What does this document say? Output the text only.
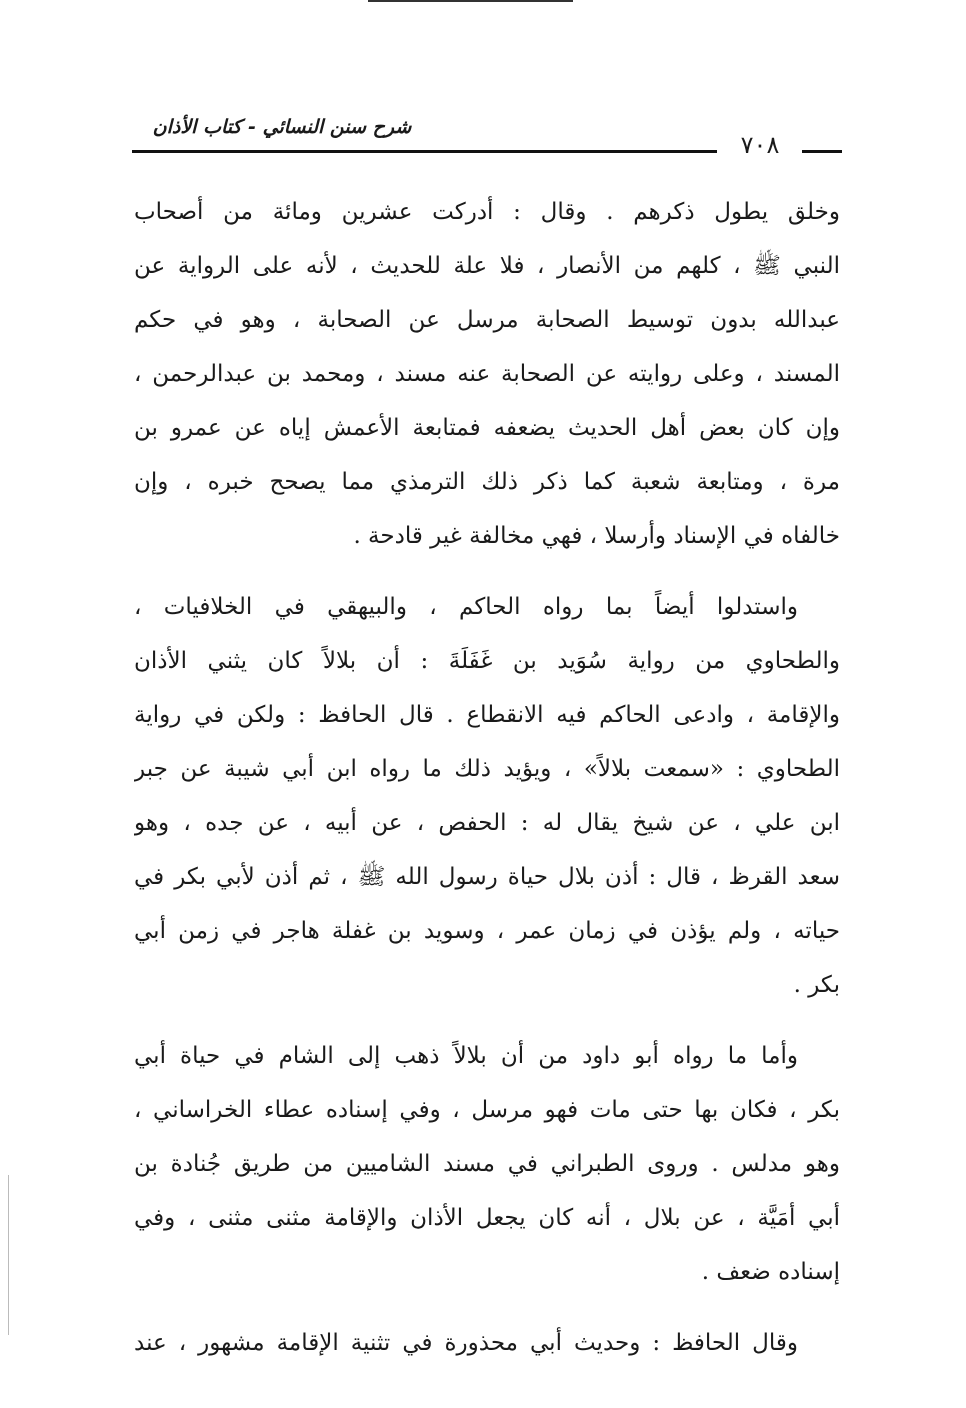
شرح سنن النسائي - كتاب الأذان
٧٠٨
وخلق يطول ذكرهم . وقال : أدركت عشرين ومائة من أصحاب
النبي ﷺ ، كلهم من الأنصار ، فلا علة للحديث ، لأنه على الرواية عن
عبدالله بدون توسيط الصحابة مرسل عن الصحابة ، وهو في حكم
المسند ، وعلى روايته عن الصحابة عنه مسند ، ومحمد بن عبدالرحمن ،
وإن كان بعض أهل الحديث يضعفه فمتابعة الأعمش إياه عن عمرو بن
مرة ، ومتابعة شعبة كما ذكر ذلك الترمذي مما يصحح خبره ، وإن
خالفاه في الإسناد وأرسلا ، فهي مخالفة غير قادحة .
واستدلوا أيضاً بما رواه الحاكم ، والبيهقي في الخلافيات ،
والطحاوي من رواية سُوَيد بن غَفَلَةَ : أن بلالاً كان يثني الأذان
والإقامة ، وادعى الحاكم فيه الانقطاع . قال الحافظ : ولكن في رواية
الطحاوي : «سمعت بلالاً» ، ويؤيد ذلك ما رواه ابن أبي شيبة عن جبر
ابن علي ، عن شيخ يقال له : الحفص ، عن أبيه ، عن جده ، وهو
سعد القرظ ، قال : أذن بلال حياة رسول الله ﷺ ، ثم أذن لأبي بكر في
حياته ، ولم يؤذن في زمان عمر ، وسويد بن غفلة هاجر في زمن أبي
بكر .
وأما ما رواه أبو داود من أن بلالاً ذهب إلى الشام في حياة أبي
بكر ، فكان بها حتى مات فهو مرسل ، وفي إسناده عطاء الخراساني ،
وهو مدلس . وروى الطبراني في مسند الشاميين من طريق جُنادة بن
أبي أمَيَّة ، عن بلال ، أنه كان يجعل الأذان والإقامة مثنى مثنى ، وفي
إسناده ضعف .
وقال الحافظ : وحديث أبي محذورة في تثنية الإقامة مشهور ، عند
